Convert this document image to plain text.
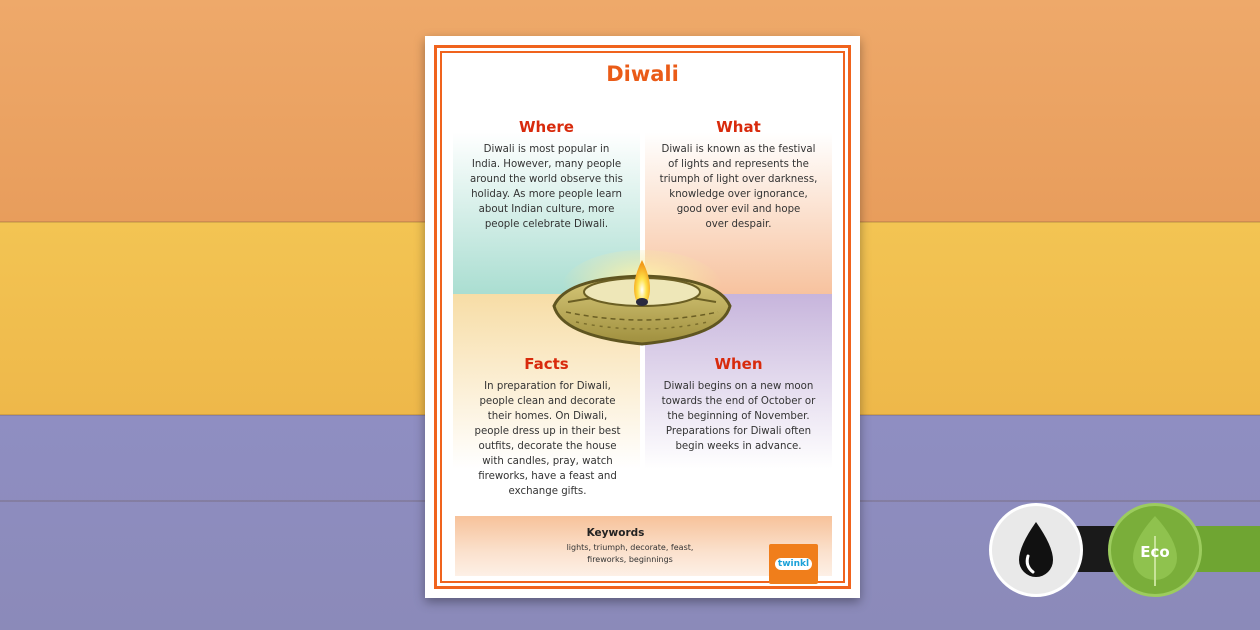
Diwali
Where
Diwali is most popular in
India. However, many people
around the world observe this
holiday. As more people learn
about Indian culture, more
people celebrate Diwali.
What
Diwali is known as the festival
of lights and represents the
triumph of light over darkness,
knowledge over ignorance,
good over evil and hope
over despair.
Facts
In preparation for Diwali,
people clean and decorate
their homes. On Diwali,
people dress up in their best
outfits, decorate the house
with candles, pray, watch
fireworks, have a feast and
exchange gifts.
When
Diwali begins on a new moon
towards the end of October or
the beginning of November.
Preparations for Diwali often
begin weeks in advance.
Keywords
lights, triumph, decorate, feast,
fireworks, beginnings	twinkl
Eco
